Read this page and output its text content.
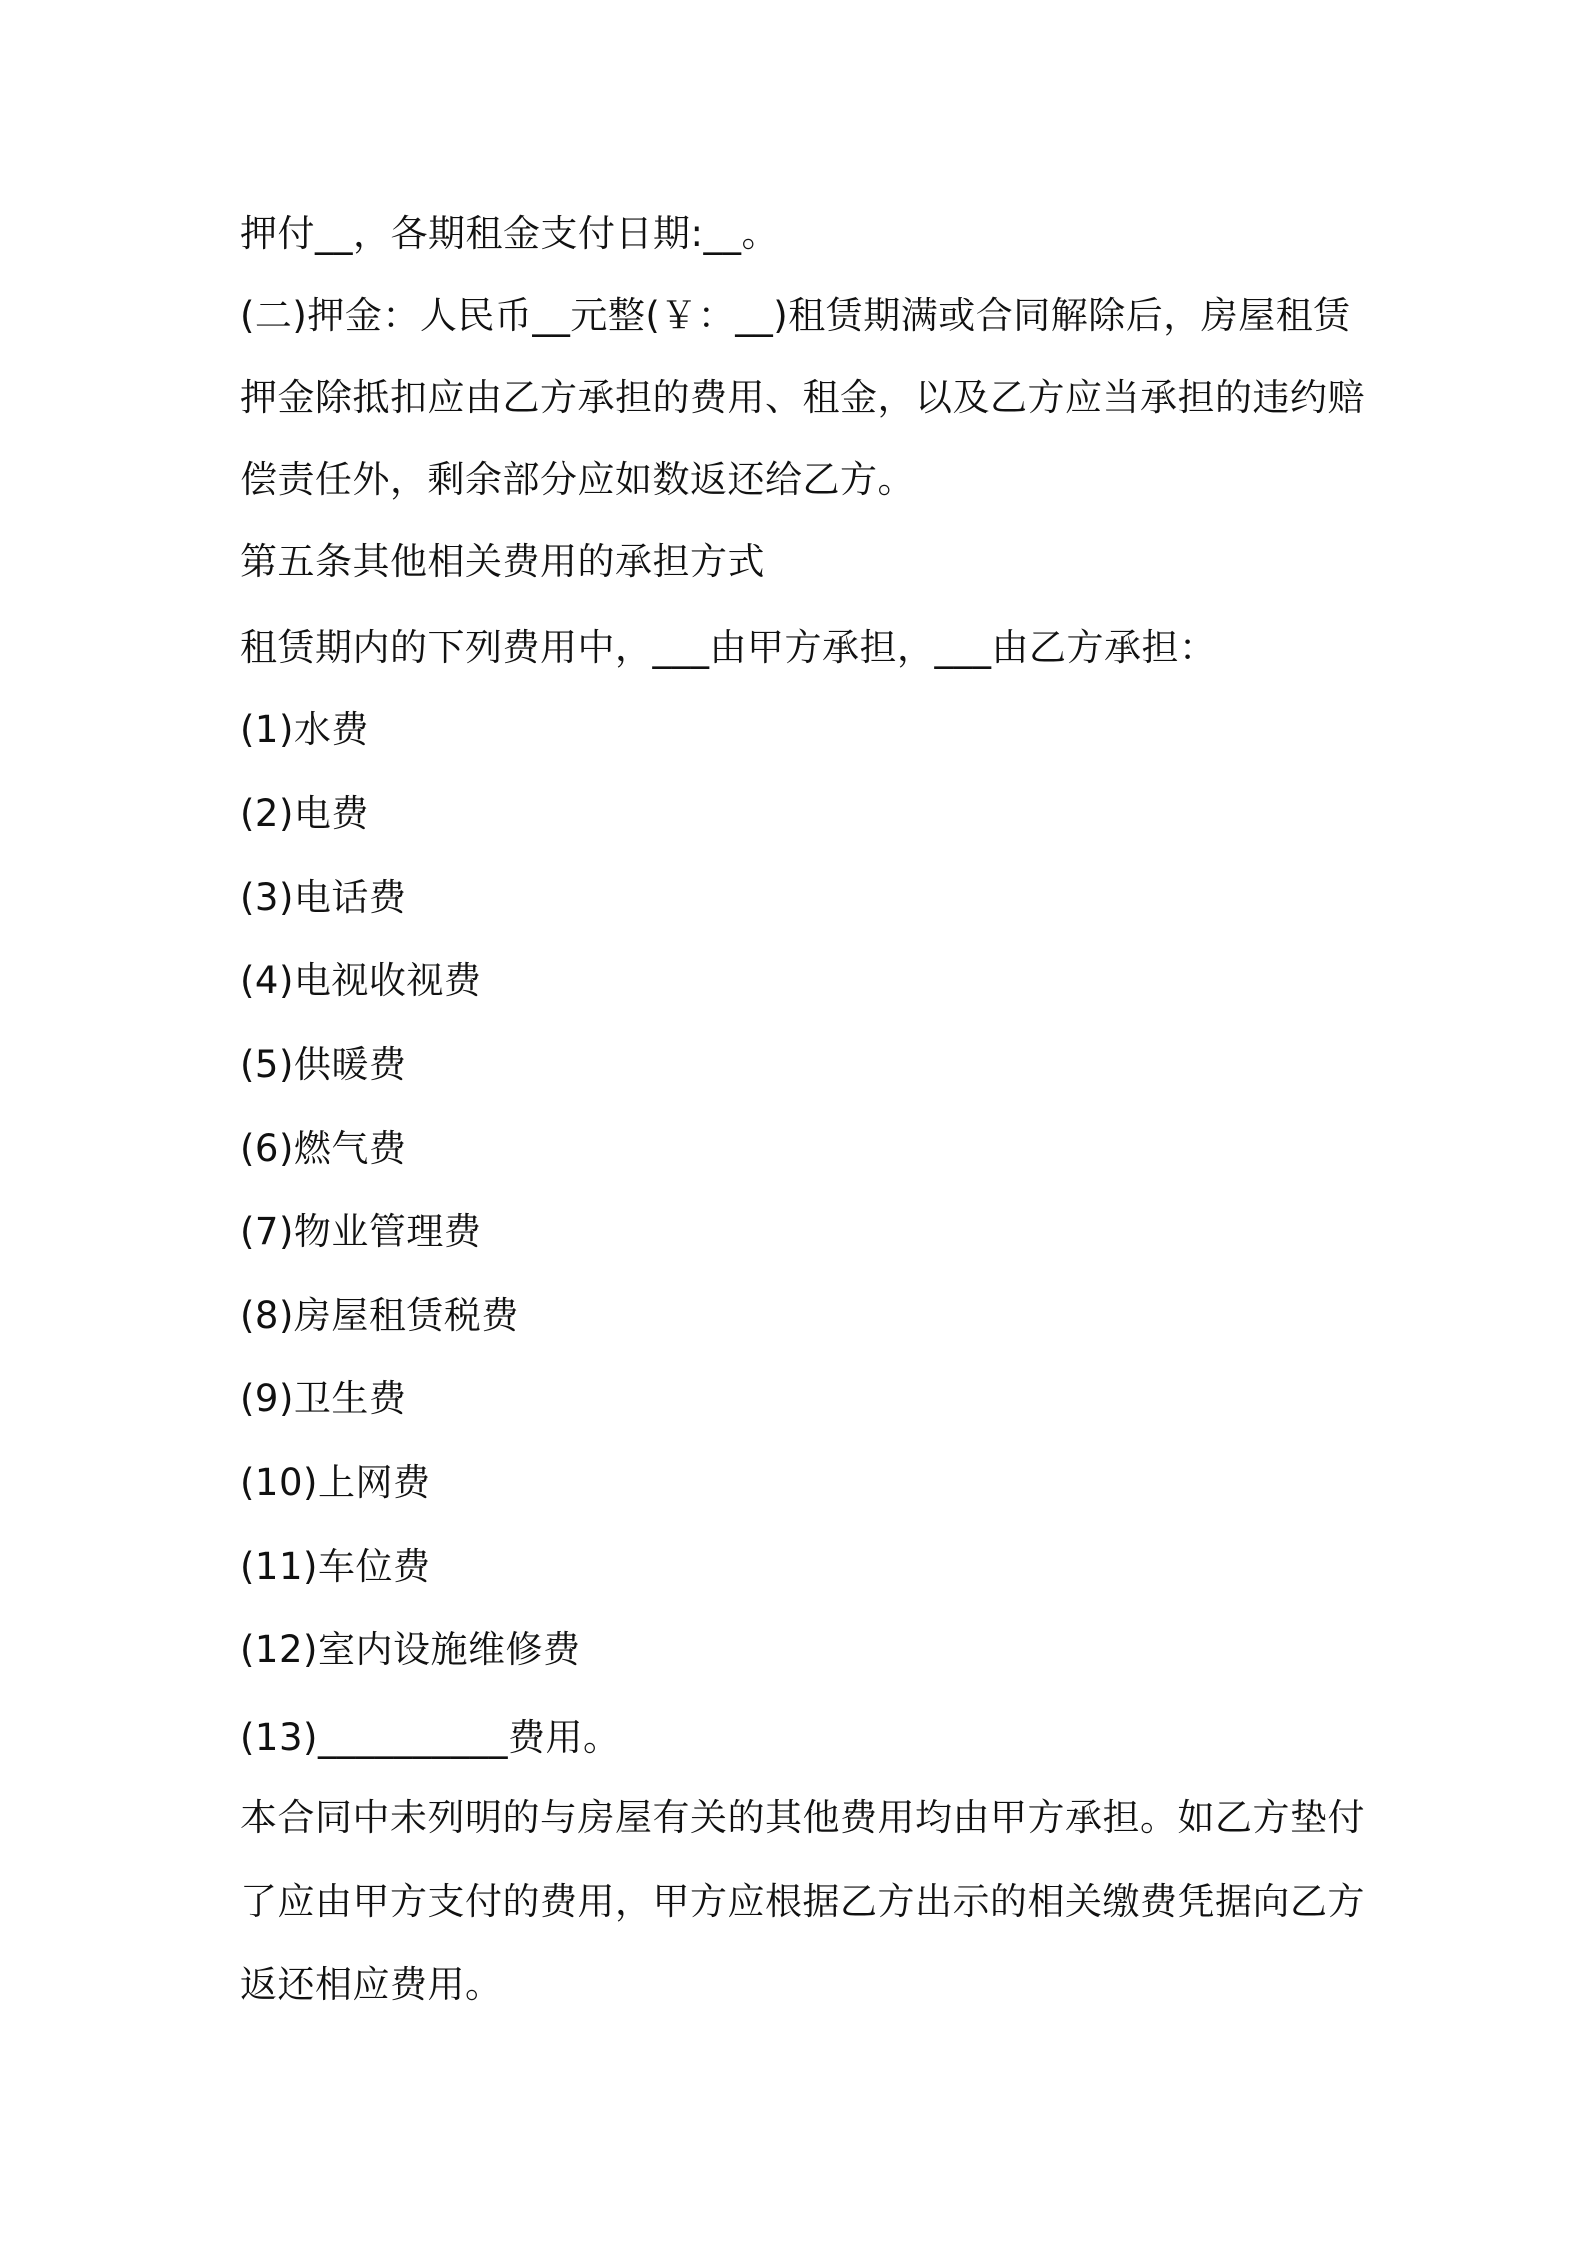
押付__，各期租金支付日期:__。
(二)押金：人民币__元整(￥：__)租赁期满或合同解除后，房屋租赁
押金除抵扣应由乙方承担的费用、租金，以及乙方应当承担的违约赔
偿责任外，剩余部分应如数返还给乙方。
第五条其他相关费用的承担方式
租赁期内的下列费用中，___由甲方承担，___由乙方承担：
(1)水费
(2)电费
(3)电话费
(4)电视收视费
(5)供暖费
(6)燃气费
(7)物业管理费
(8)房屋租赁税费
(9)卫生费
(10)上网费
(11)车位费
(12)室内设施维修费
(13)__________费用。
本合同中未列明的与房屋有关的其他费用均由甲方承担。如乙方垫付
了应由甲方支付的费用，甲方应根据乙方出示的相关缴费凭据向乙方
返还相应费用。
